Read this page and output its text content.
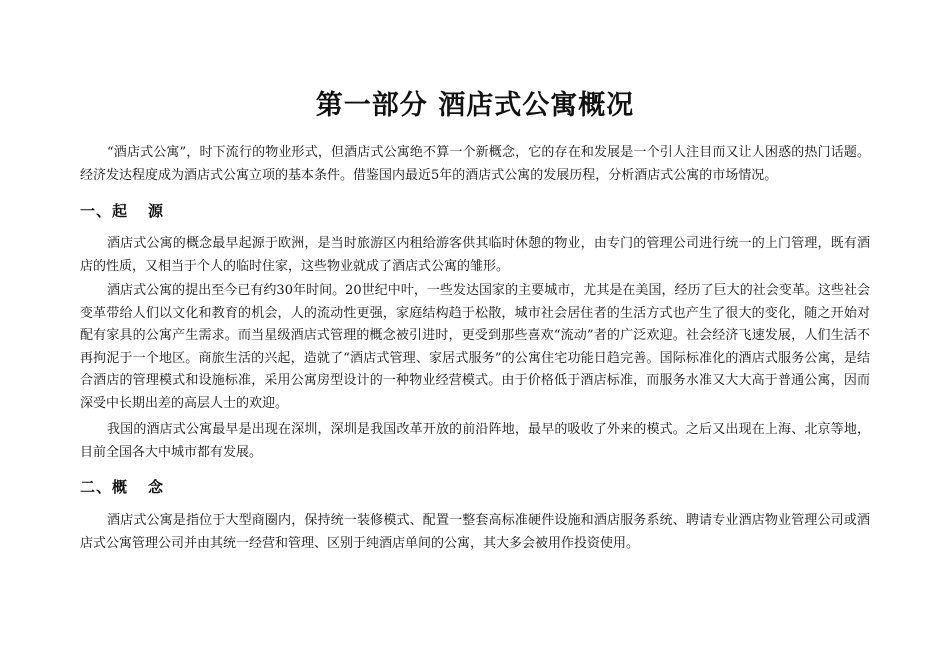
第一部分 酒店式公寓概况

“酒店式公寓”，时下流行的物业形式，但酒店式公寓绝不算一个新概念，它的存在和发展是一个引人注目而又让人困惑的热门话题。经济发达程度成为酒店式公寓立项的基本条件。借鉴国内最近5年的酒店式公寓的发展历程，分析酒店式公寓的市场情况。

一、起 源

酒店式公寓的概念最早起源于欧洲，是当时旅游区内租给游客供其临时休憩的物业，由专门的管理公司进行统一的上门管理，既有酒店的性质，又相当于个人的临时住家，这些物业就成了酒店式公寓的雏形。

酒店式公寓的提出至今已有约30年时间。20世纪中叶，一些发达国家的主要城市，尤其是在美国，经历了巨大的社会变革。这些社会变革带给人们以文化和教育的机会，人的流动性更强，家庭结构趋于松散，城市社会居住者的生活方式也产生了很大的变化，随之开始对配有家具的公寓产生需求。而当星级酒店式管理的概念被引进时，更受到那些喜欢“流动”者的广泛欢迎。社会经济飞速发展，人们生活不再拘泥于一个地区。商旅生活的兴起，造就了“酒店式管理、家居式服务”的公寓住宅功能日趋完善。国际标准化的酒店式服务公寓，是结合酒店的管理模式和设施标准，采用公寓房型设计的一种物业经营模式。由于价格低于酒店标准，而服务水准又大大高于普通公寓，因而深受中长期出差的高层人士的欢迎。

我国的酒店式公寓最早是出现在深圳，深圳是我国改革开放的前沿阵地，最早的吸收了外来的模式。之后又出现在上海、北京等地，目前全国各大中城市都有发展。

二、概 念

酒店式公寓是指位于大型商圈内，保持统一装修模式、配置一整套高标准硬件设施和酒店服务系统、聘请专业酒店物业管理公司或酒店式公寓管理公司并由其统一经营和管理、区别于纯酒店单间的公寓，其大多会被用作投资使用。
